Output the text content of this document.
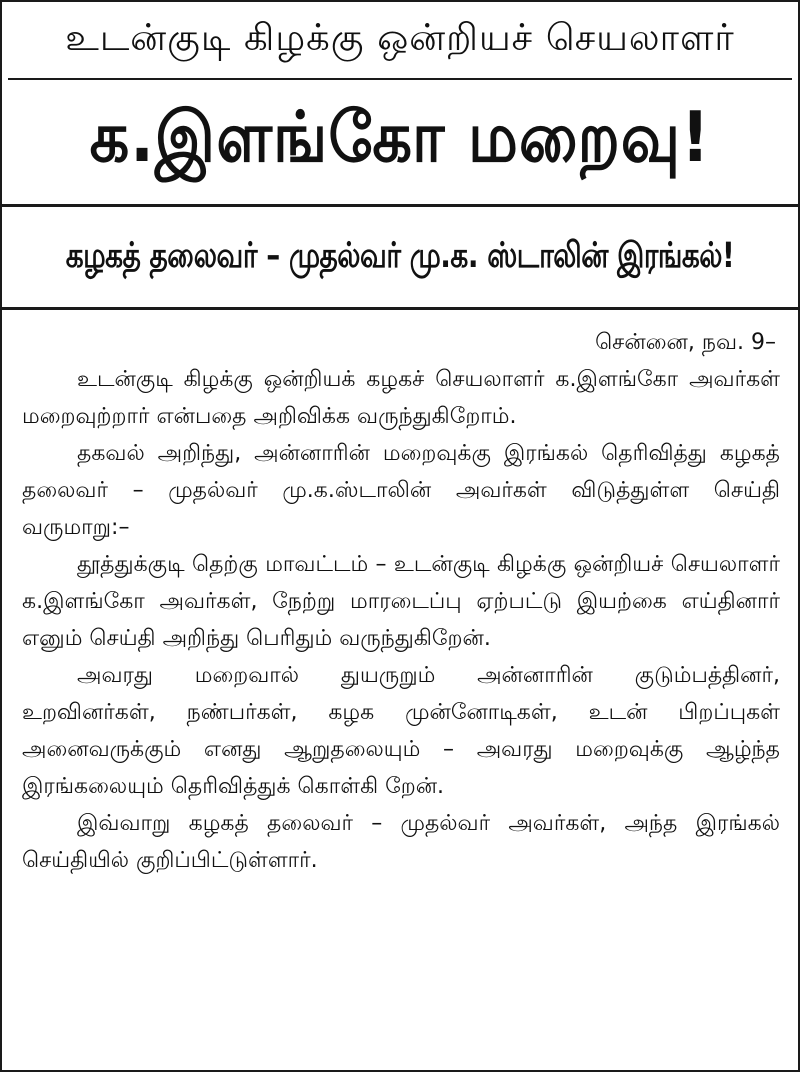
உடன்குடி கிழக்கு ஒன்றியச் செயலாளர்
க.இளங்கோ மறைவு!
கழகத் தலைவர் – முதல்வர் மு.க. ஸ்டாலின் இரங்கல்!
சென்னை, நவ. 9–

உடன்குடி கிழக்கு ஒன்றியக் கழகச் செயலாளர் க.இளங்கோ அவர்கள் மறைவுற்றார் என்பதை அறிவிக்க வருந்துகிறோம்.

தகவல் அறிந்து, அன்னாரின் மறைவுக்கு இரங்கல் தெரிவித்து கழகத் தலைவர் – முதல்வர் மு.க.ஸ்டாலின் அவர்கள் விடுத்துள்ள செய்தி வருமாறு:–

தூத்துக்குடி தெற்கு மாவட்டம் – உடன்குடி கிழக்கு ஒன்றியச் செயலாளர் க.இளங்கோ அவர்கள், நேற்று மாரடைப்பு ஏற்பட்டு இயற்கை எய்தினார் எனும் செய்தி அறிந்து பெரிதும் வருந்துகிறேன்.

அவரது மறைவால் துயருறும் அன்னாரின் குடும்பத்தினர், உறவினர்கள், நண்பர்கள், கழக முன்னோடிகள், உடன் பிறப்புகள் அனைவருக்கும் எனது ஆறுதலையும் – அவரது மறைவுக்கு ஆழ்ந்த இரங்கலையும் தெரிவித்துக் கொள்கி றேன்.

இவ்வாறு கழகத் தலைவர் – முதல்வர் அவர்கள், அந்த இரங்கல் செய்தியில் குறிப்பிட்டுள்ளார்.
